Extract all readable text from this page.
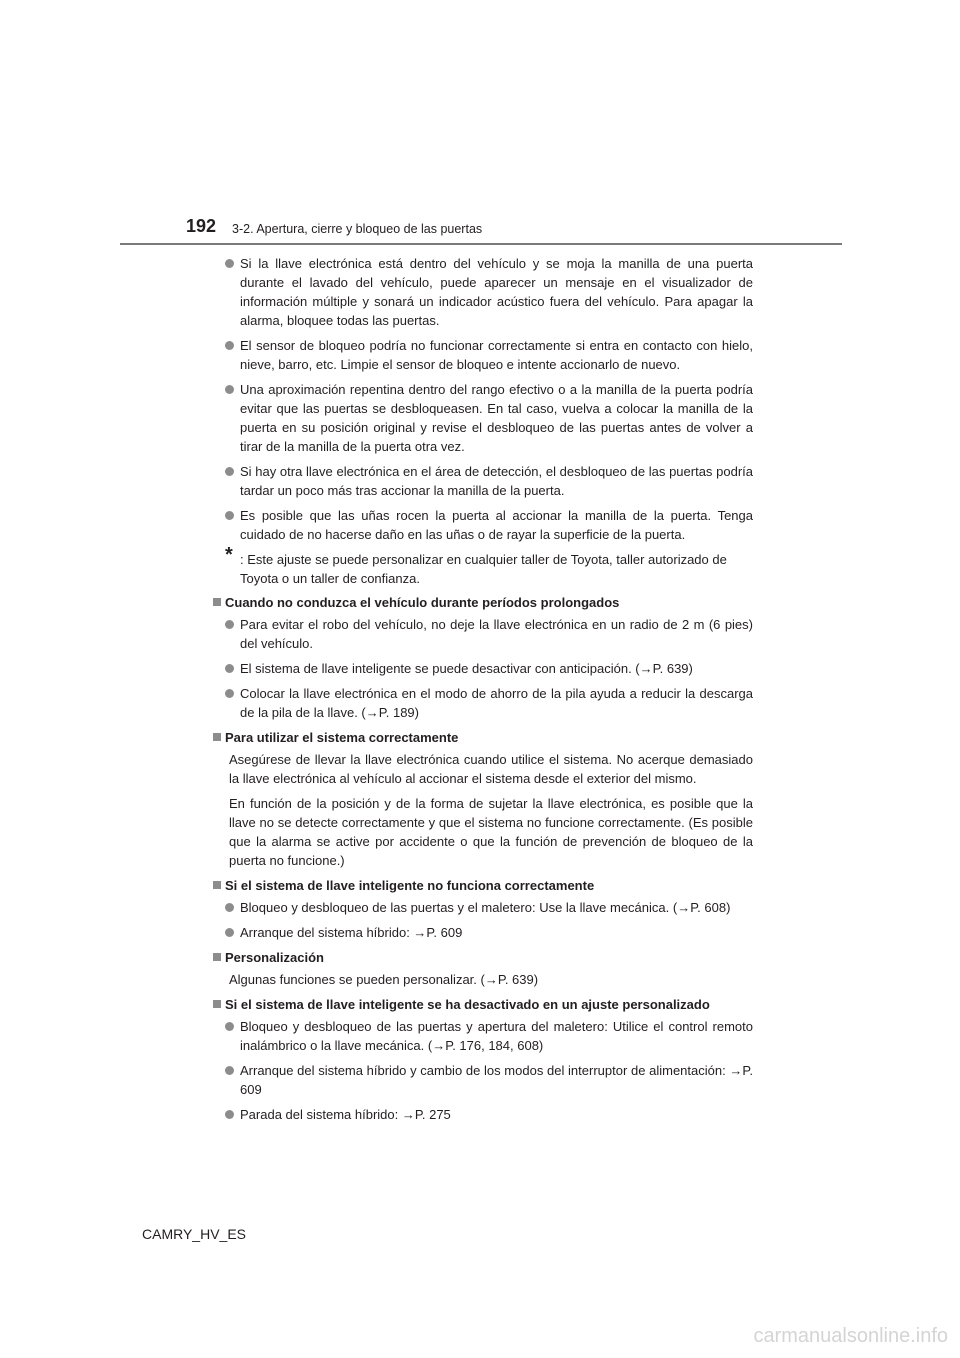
192 3-2. Apertura, cierre y bloqueo de las puertas
Si la llave electrónica está dentro del vehículo y se moja la manilla de una puerta durante el lavado del vehículo, puede aparecer un mensaje en el visualizador de información múltiple y sonará un indicador acústico fuera del vehículo. Para apagar la alarma, bloquee todas las puertas.
El sensor de bloqueo podría no funcionar correctamente si entra en contacto con hielo, nieve, barro, etc. Limpie el sensor de bloqueo e intente accionarlo de nuevo.
Una aproximación repentina dentro del rango efectivo o a la manilla de la puerta podría evitar que las puertas se desbloqueasen. En tal caso, vuelva a colocar la manilla de la puerta en su posición original y revise el desbloqueo de las puertas antes de volver a tirar de la manilla de la puerta otra vez.
Si hay otra llave electrónica en el área de detección, el desbloqueo de las puertas podría tardar un poco más tras accionar la manilla de la puerta.
Es posible que las uñas rocen la puerta al accionar la manilla de la puerta. Tenga cuidado de no hacerse daño en las uñas o de rayar la superficie de la puerta.
* : Este ajuste se puede personalizar en cualquier taller de Toyota, taller autorizado de Toyota o un taller de confianza.
Cuando no conduzca el vehículo durante períodos prolongados
Para evitar el robo del vehículo, no deje la llave electrónica en un radio de 2 m (6 pies) del vehículo.
El sistema de llave inteligente se puede desactivar con anticipación. (→P. 639)
Colocar la llave electrónica en el modo de ahorro de la pila ayuda a reducir la descarga de la pila de la llave. (→P. 189)
Para utilizar el sistema correctamente
Asegúrese de llevar la llave electrónica cuando utilice el sistema. No acerque demasiado la llave electrónica al vehículo al accionar el sistema desde el exterior del mismo.
En función de la posición y de la forma de sujetar la llave electrónica, es posible que la llave no se detecte correctamente y que el sistema no funcione correctamente. (Es posible que la alarma se active por accidente o que la función de prevención de bloqueo de la puerta no funcione.)
Si el sistema de llave inteligente no funciona correctamente
Bloqueo y desbloqueo de las puertas y el maletero: Use la llave mecánica. (→P. 608)
Arranque del sistema híbrido: →P. 609
Personalización
Algunas funciones se pueden personalizar. (→P. 639)
Si el sistema de llave inteligente se ha desactivado en un ajuste personalizado
Bloqueo y desbloqueo de las puertas y apertura del maletero: Utilice el control remoto inalámbrico o la llave mecánica. (→P. 176, 184, 608)
Arranque del sistema híbrido y cambio de los modos del interruptor de alimentación: →P. 609
Parada del sistema híbrido: →P. 275
CAMRY_HV_ES
carmanualsonline.info
